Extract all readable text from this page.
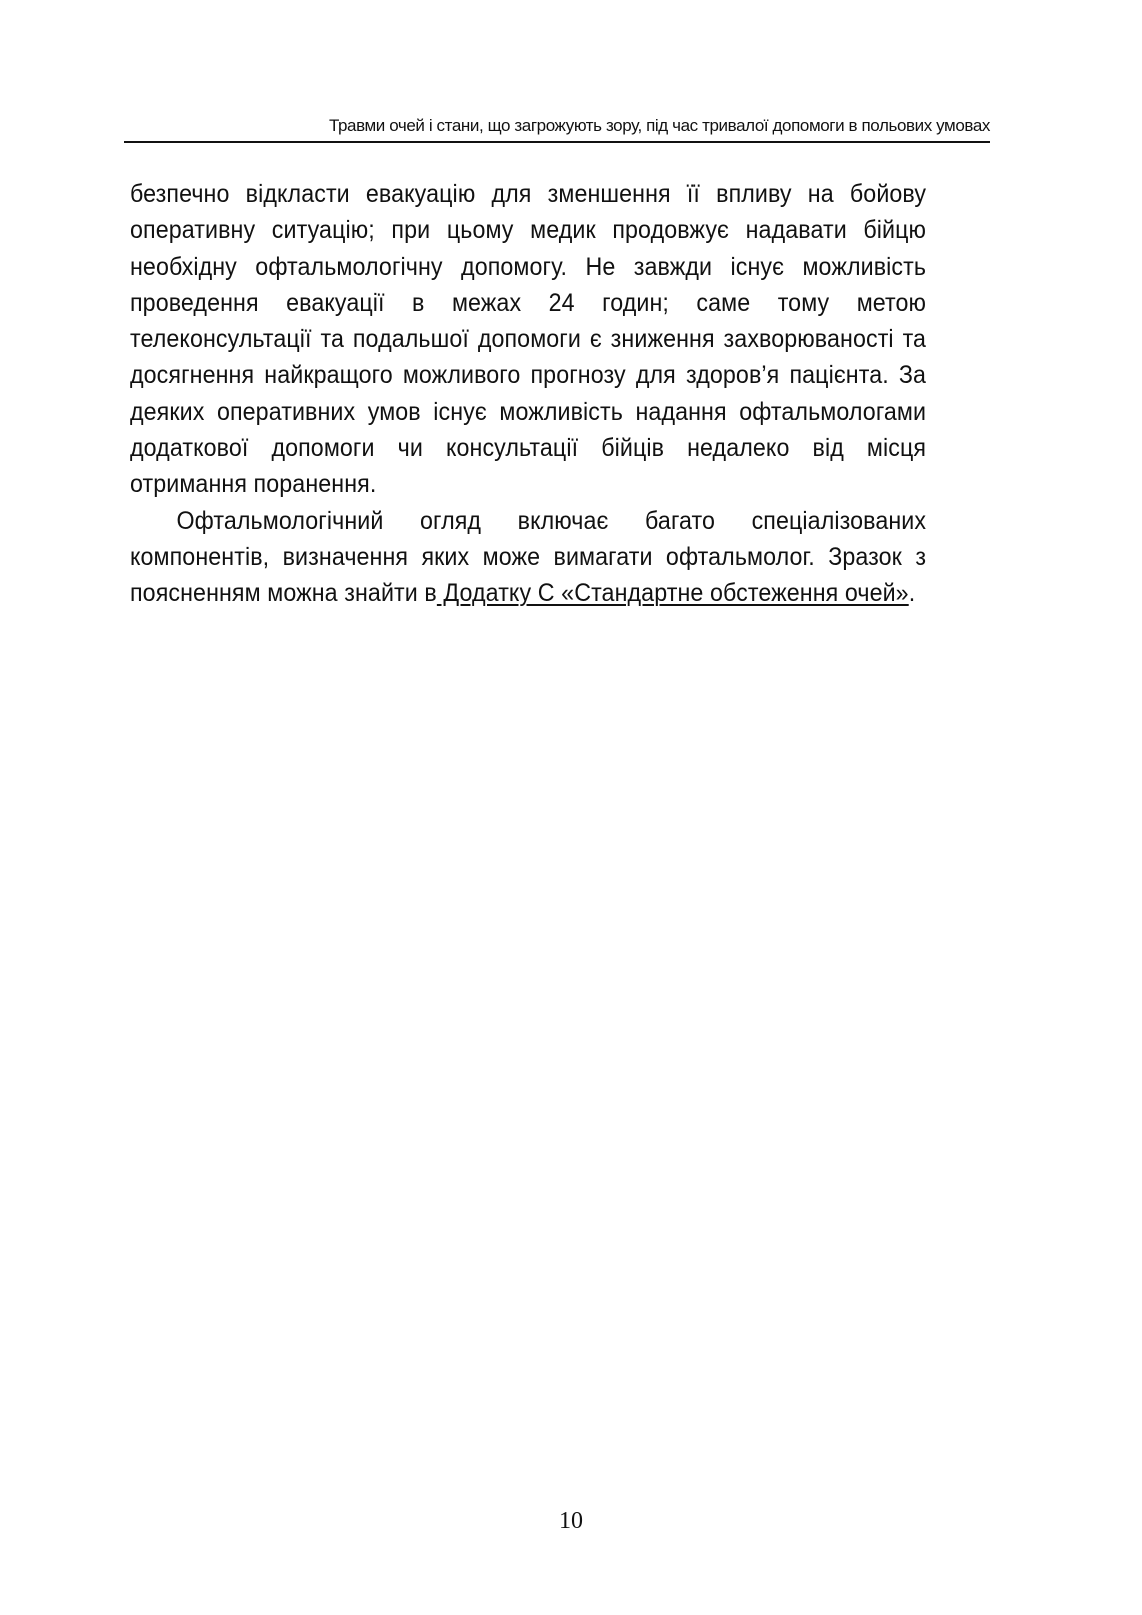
Травми очей і стани, що загрожують зору, під час тривалої допомоги в польових умовах

безпечно відкласти евакуацію для зменшення її впливу на бойову оперативну ситуацію; при цьому медик продовжує надавати бійцю необхідну офтальмологічну допомогу. Не завжди існує можливість проведення евакуації в межах 24 годин; саме тому метою телеконсультації та подальшої допомоги є зниження захворюваності та досягнення найкращого можливого прогнозу для здоров’я пацієнта. За деяких оперативних умов існує можливість надання офтальмологами додаткової допомоги чи консультації бійців недалеко від місця отримання поранення.

Офтальмологічний огляд включає багато спеціалізованих компонентів, визначення яких може вимагати офтальмолог. Зразок з поясненням можна знайти в Додатку С «Стандартне обстеження очей».

10
